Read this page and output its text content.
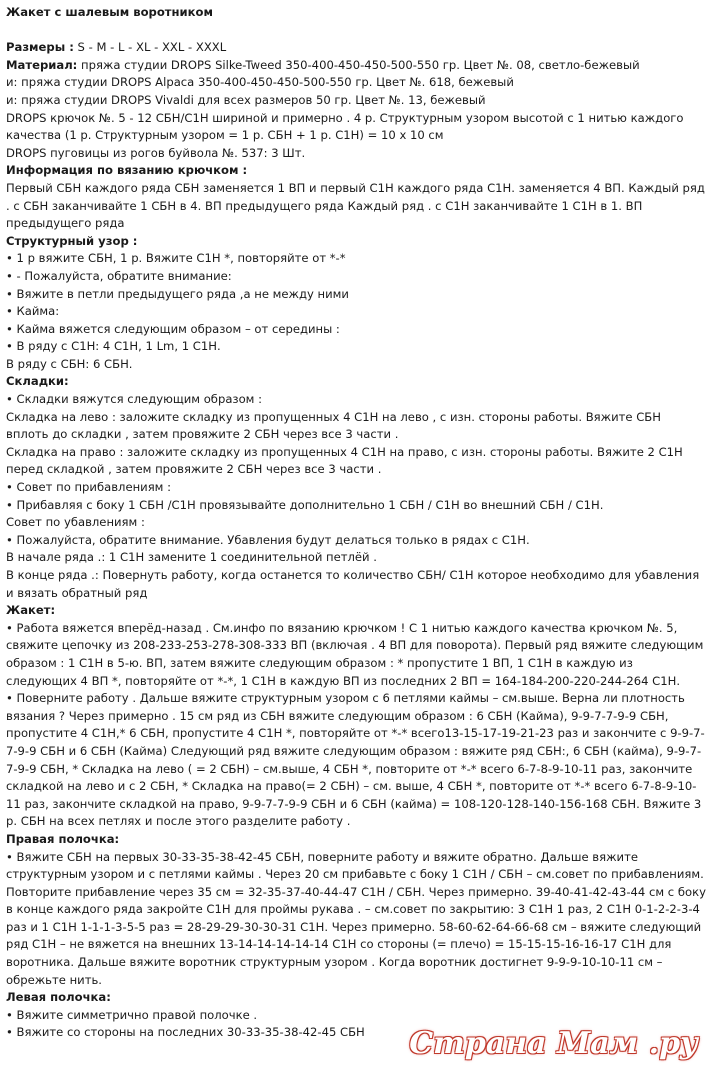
Жакет с шалевым воротником

Размеры : S - M - L - XL - XXL - XXXL

Материал: пряжа студии DROPS Silke-Tweed 350-400-450-450-500-550 гр. Цвет №. 08, светло-бежевый

и: пряжа студии DROPS Alpaca 350-400-450-450-500-550 гр. Цвет №. 618, бежевый

и: пряжа студии DROPS Vivaldi для всех размеров 50 гр. Цвет №. 13, бежевый

DROPS крючок №. 5 - 12 СБН/С1Н шириной и примерно . 4 р. Структурным узором высотой с 1 нитью каждого качества (1 р. Структурным узором = 1 р. СБН + 1 р. С1Н) = 10 x 10 см

DROPS пуговицы из рогов буйвола №. 537: 3 Шт.

Информация по вязанию крючком :

Первый СБН каждого ряда СБН заменяется 1 ВП и первый С1Н каждого ряда С1Н. заменяется 4 ВП. Каждый ряд . с СБН заканчивайте 1 СБН в 4. ВП предыдущего ряда Каждый ряд . с С1Н заканчивайте 1 С1Н в 1. ВП предыдущего ряда

Структурный узор :

• 1 р вяжите СБН, 1 р. Вяжите С1Н *, повторяйте от *-*

• - Пожалуйста, обратите внимание:

• Вяжите в петли предыдущего ряда ,а не между ними

• Кайма:

• Кайма вяжется следующим образом – от середины :

• В ряду с С1Н: 4 С1Н, 1 Lm, 1 С1Н.

В ряду с СБН: 6 СБН.

Складки:

• Складки вяжутся следующим образом :

Складка на лево : заложите складку из пропущенных 4 С1Н на лево , с изн. стороны работы. Вяжите СБН вплоть до складки , затем провяжите 2 СБН через все 3 части .

Складка на право : заложите складку из пропущенных 4 С1Н на право, с изн. стороны работы. Вяжите 2 С1Н перед складкой , затем провяжите 2 СБН через все 3 части .

• Совет по прибавлениям :

• Прибавляя с боку 1 СБН /С1Н провязывайте дополнительно 1 СБН / С1Н во внешний СБН / С1Н.

Совет по убавлениям :

• Пожалуйста, обратите внимание. Убавления будут делаться только в рядах с С1Н.

В начале ряда .: 1 С1Н замените 1 соединительной петлёй .

В конце ряда .: Повернуть работу, когда останется то количество СБН/ С1Н которое необходимо для убавления и вязать обратный ряд

Жакет:

• Работа вяжется вперёд-назад . См.инфо по вязанию крючком ! С 1 нитью каждого качества крючком №. 5, свяжите цепочку из 208-233-253-278-308-333 ВП (включая . 4 ВП для поворота). Первый ряд вяжите следующим образом : 1 С1Н в 5-ю. ВП, затем вяжите следующим образом : * пропустите 1 ВП, 1 С1Н в каждую из следующих 4 ВП *, повторяйте от *-*, 1 С1Н в каждую ВП из последних 2 ВП = 164-184-200-220-244-264 С1Н.

• Поверните работу . Дальше вяжите структурным узором с 6 петлями каймы – см.выше. Верна ли плотность вязания ? Через примерно . 15 см ряд из СБН вяжите следующим образом : 6 СБН (Кайма), 9-9-7-7-9-9 СБН, пропустите 4 С1Н,* 6 СБН, пропустите 4 С1Н *, повторяйте от *-* всего13-15-17-19-21-23 раз и закончите с 9-9-7-7-9-9 СБН и 6 СБН (Кайма) Следующий ряд вяжите следующим образом : вяжите ряд СБН:, 6 СБН (кайма), 9-9-7-7-9-9 СБН, * Складка на лево ( = 2 СБН) – см.выше, 4 СБН *, повторите от *-* всего 6-7-8-9-10-11 раз, закончите складкой на лево и с 2 СБН, * Складка на право(= 2 СБН) – см. выше, 4 СБН *, повторите от *-* всего 6-7-8-9-10-11 раз, закончите складкой на право, 9-9-7-7-9-9 СБН и 6 СБН (кайма) = 108-120-128-140-156-168 СБН. Вяжите 3 р. СБН на всех петлях и после этого разделите работу .

Правая полочка:

• Вяжите СБН на первых 30-33-35-38-42-45 СБН, поверните работу и вяжите обратно. Дальше вяжите структурным узором и с петлями каймы . Через 20 см прибавьте с боку 1 С1Н / СБН – см.совет по прибавлениям. Повторите прибавление через 35 см = 32-35-37-40-44-47 С1Н / СБН. Через примерно. 39-40-41-42-43-44 см с боку в конце каждого ряда закройте С1Н для проймы рукава . – см.совет по закрытию: 3 С1Н 1 раз, 2 С1Н 0-1-2-2-3-4 раз и 1 С1Н 1-1-1-3-5-5 раз = 28-29-29-30-30-31 С1Н. Через примерно. 58-60-62-64-66-68 см – вяжите следующий ряд С1Н – не вяжется на внешних 13-14-14-14-14-14 С1Н со стороны (= плечо) = 15-15-15-16-16-17 С1Н для воротника. Дальше вяжите воротник структурным узором . Когда воротник достигнет 9-9-9-10-10-11 см –обрежьте нить.

Левая полочка:

• Вяжите симметрично правой полочке .

• Вяжите со стороны на последних 30-33-35-38-42-45 СБН	Страна Мам .ру
